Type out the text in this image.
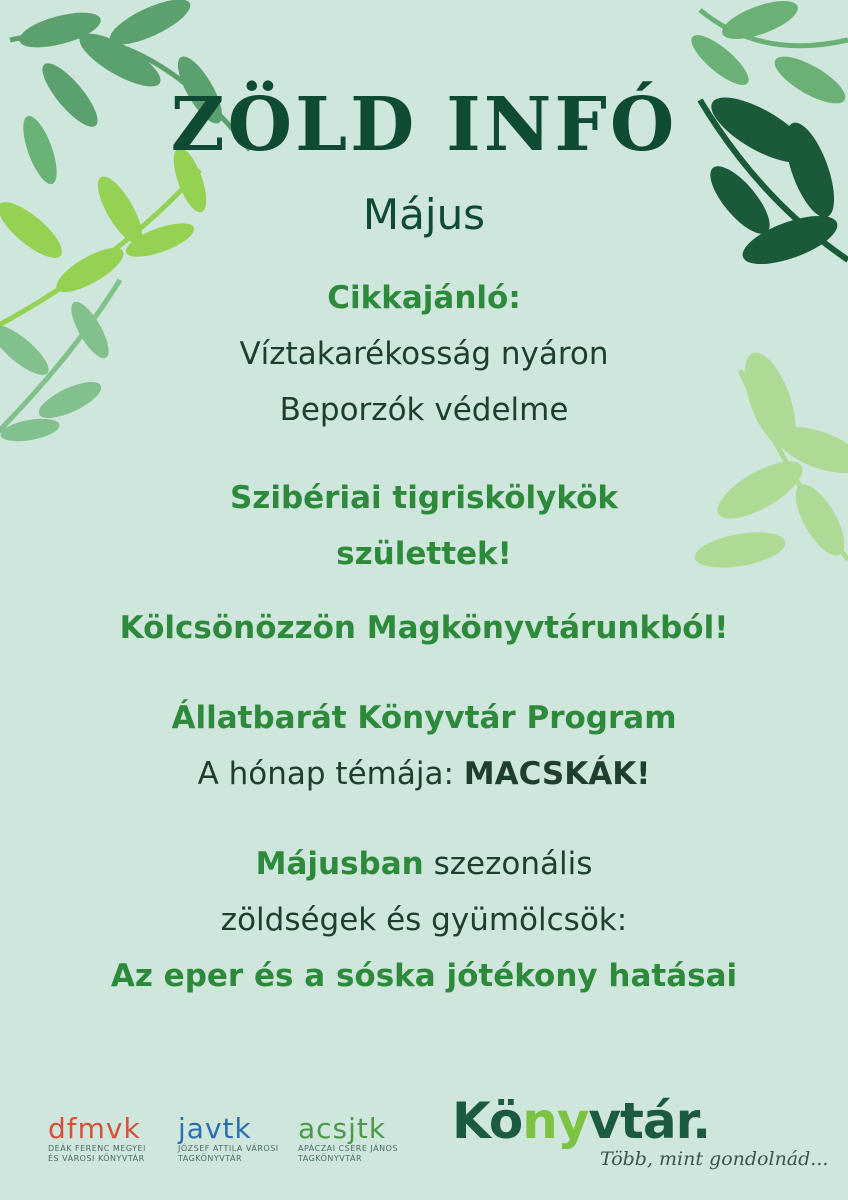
ZÖLD INFÓ
Május
Cikkajánló:
Víztakarékosság nyáron
Beporzók védelme
Szibériai tigriskölykök
születtek!
Kölcsönözzön Magkönyvtárunkból!
Állatbarát Könyvtár Program
A hónap témája: MACSKÁK!
Májusban szezonális
zöldségek és gyümölcsök:
Az eper és a sóska jótékony hatásai
dfmvk
DEÁK FERENC MEGYEI
ÉS VÁROSI KÖNYVTÁR
javtk
JÓZSEF ATTILA VÁROSI
TAGKÖNYVTÁR
acsjtk
APÁCZAI CSERE JÁNOS
TAGKÖNYVTÁR
Könyvtár.
Több, mint gondolnád...
